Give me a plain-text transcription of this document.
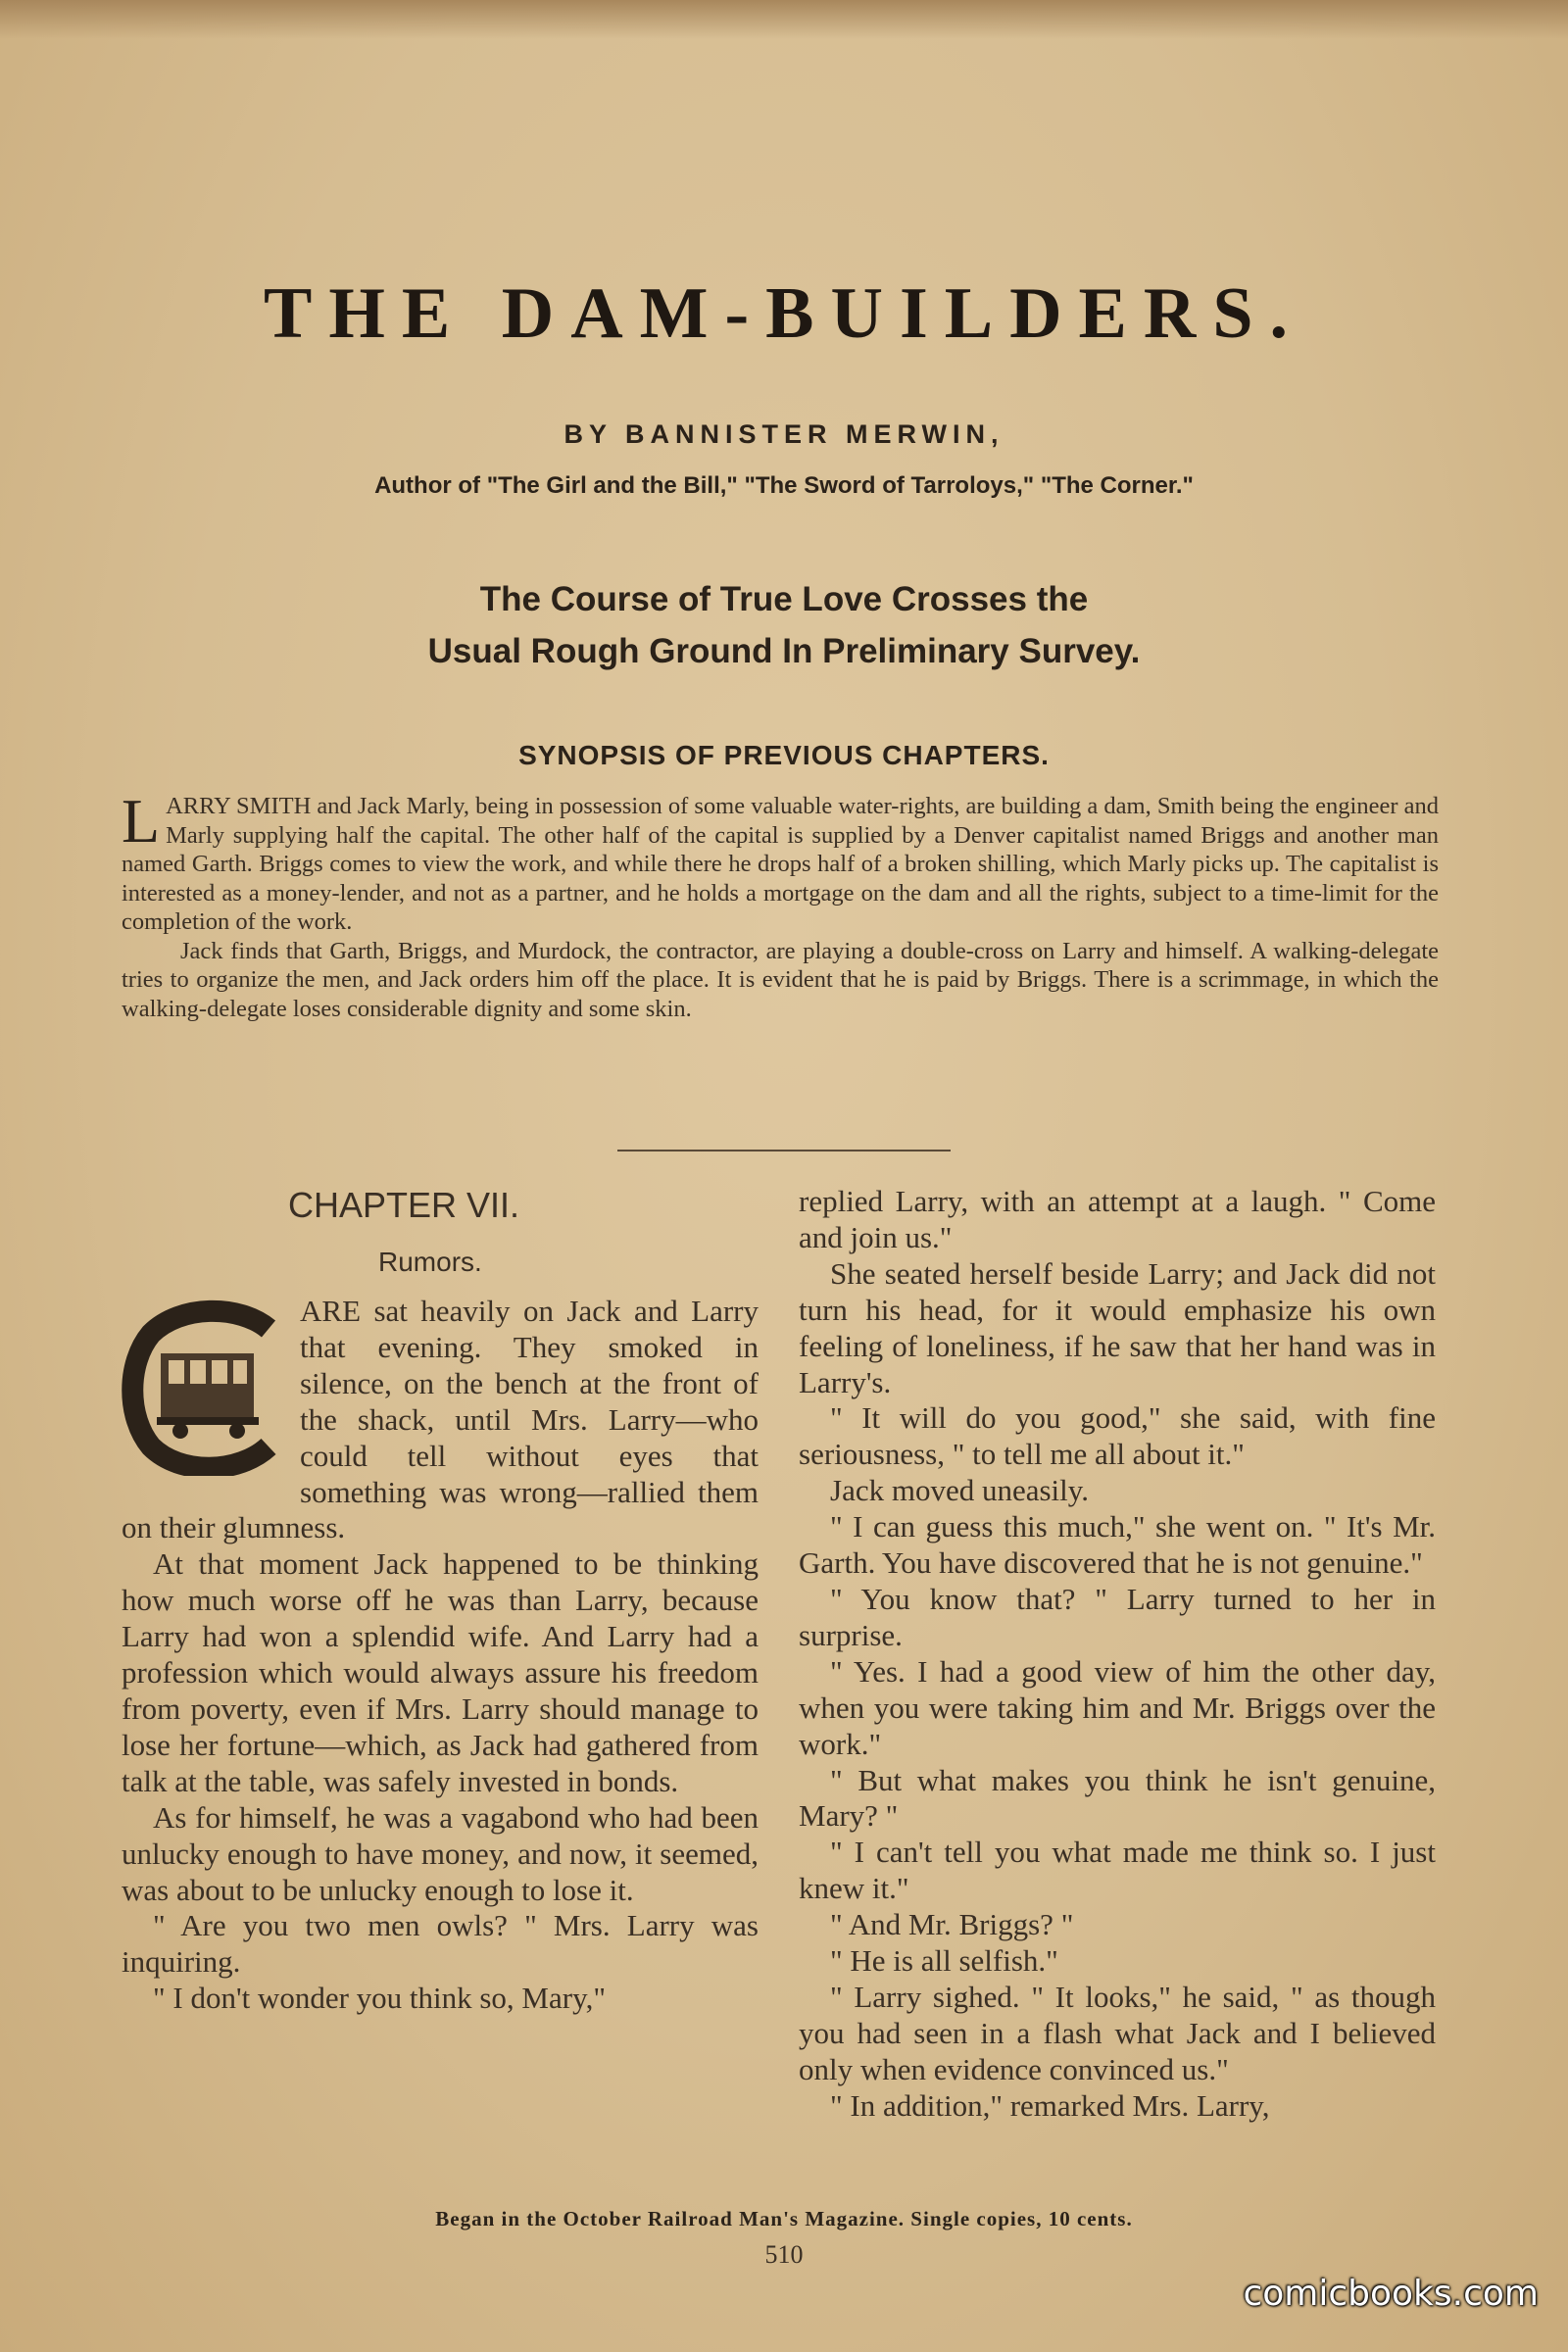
THE DAM-BUILDERS.
BY BANNISTER MERWIN,
Author of "The Girl and the Bill," "The Sword of Tarroloys," "The Corner."
The Course of True Love Crosses the
Usual Rough Ground In Preliminary Survey.
SYNOPSIS OF PREVIOUS CHAPTERS.

LARRY SMITH and Jack Marly, being in possession of some valuable water-rights, are building a dam, Smith being the engineer and Marly supplying half the capital. The other half of the capital is supplied by a Denver capitalist named Briggs and another man named Garth. Briggs comes to view the work, and while there he drops half of a broken shilling, which Marly picks up. The capitalist is interested as a money-lender, and not as a partner, and he holds a mortgage on the dam and all the rights, subject to a time-limit for the completion of the work.

Jack finds that Garth, Briggs, and Murdock, the contractor, are playing a double-cross on Larry and himself. A walking-delegate tries to organize the men, and Jack orders him off the place. It is evident that he is paid by Briggs. There is a scrimmage, in which the walking-delegate loses considerable dignity and some skin.

CHAPTER VII.
Rumors.

ARE sat heavily on Jack and Larry that evening. They smoked in silence, on the bench at the front of the shack, until Mrs. Larry—who could tell without eyes that something was wrong—rallied them on their glumness.

At that moment Jack happened to be thinking how much worse off he was than Larry, because Larry had won a splendid wife. And Larry had a profession which would always assure his freedom from poverty, even if Mrs. Larry should manage to lose her fortune—which, as Jack had gathered from talk at the table, was safely invested in bonds.

As for himself, he was a vagabond who had been unlucky enough to have money, and now, it seemed, was about to be unlucky enough to lose it.

" Are you two men owls? " Mrs. Larry was inquiring.

" I don't wonder you think so, Mary,"

replied Larry, with an attempt at a laugh. " Come and join us."

She seated herself beside Larry; and Jack did not turn his head, for it would emphasize his own feeling of loneliness, if he saw that her hand was in Larry's.

" It will do you good," she said, with fine seriousness, " to tell me all about it."

Jack moved uneasily.

" I can guess this much," she went on. " It's Mr. Garth. You have discovered that he is not genuine."

" You know that? " Larry turned to her in surprise.

" Yes. I had a good view of him the other day, when you were taking him and Mr. Briggs over the work."

" But what makes you think he isn't genuine, Mary? "

" I can't tell you what made me think so. I just knew it."

" And Mr. Briggs? "

" He is all selfish."

" Larry sighed. " It looks," he said, " as though you had seen in a flash what Jack and I believed only when evidence convinced us."

" In addition," remarked Mrs. Larry,

Began in the October Railroad Man's Magazine. Single copies, 10 cents.
510
comicbooks.com
